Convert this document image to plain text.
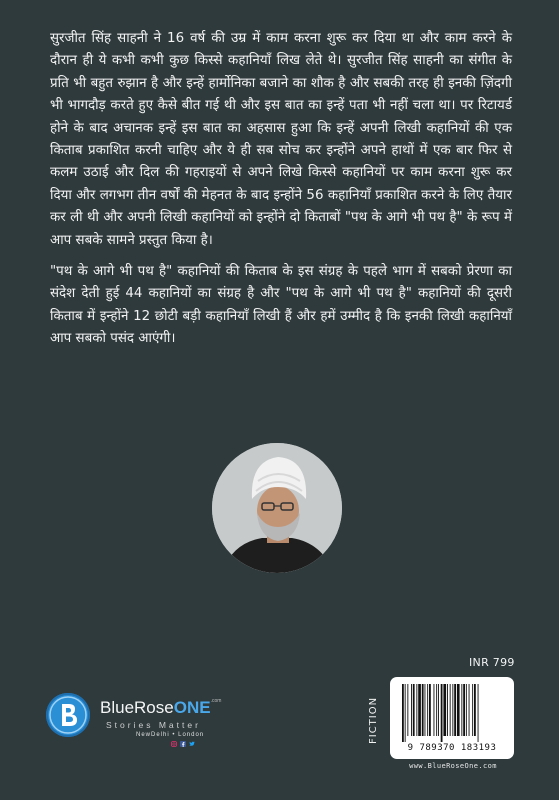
सुरजीत सिंह साहनी ने 16 वर्ष की उम्र में काम करना शुरू कर दिया था और काम करने के दौरान ही ये कभी कभी कुछ किस्से कहानियाँ लिख लेते थे। सुरजीत सिंह साहनी का संगीत के प्रति भी बहुत रुझान है और इन्हें हार्मोनिका बजाने का शौक है और सबकी तरह ही इनकी ज़िंदगी भी भागदौड़ करते हुए कैसे बीत गई थी और इस बात का इन्हें पता भी नहीं चला था। पर रिटायर्ड होने के बाद अचानक इन्हें इस बात का अहसास हुआ कि इन्हें अपनी लिखी कहानियों की एक किताब प्रकाशित करनी चाहिए और ये ही सब सोच कर इन्होंने अपने हाथों में एक बार फिर से कलम उठाई और दिल की गहराइयों से अपने लिखे किस्से कहानियों पर काम करना शुरू कर दिया और लगभग तीन वर्षों की मेहनत के बाद इन्होंने 56 कहानियाँ प्रकाशित करने के लिए तैयार कर ली थी और अपनी लिखी कहानियों को इन्होंने दो किताबों "पथ के आगे भी पथ है" के रूप में आप सबके सामने प्रस्तुत किया है।

"पथ के आगे भी पथ है" कहानियों की किताब के इस संग्रह के पहले भाग में सबको प्रेरणा का संदेश देती हुई 44 कहानियों का संग्रह है और "पथ के आगे भी पथ है" कहानियों की दूसरी किताब में इन्होंने 12 छोटी बड़ी कहानियाँ लिखी हैं और हमें उम्मीद है कि इनकी लिखी कहानियाँ आप सबको पसंद आएंगी।

INR 799
FICTION
9 789370 183193
www.BlueRoseOne.com
BlueRoseONE$^{.com}$
Stories Matter
NewDelhi • London
